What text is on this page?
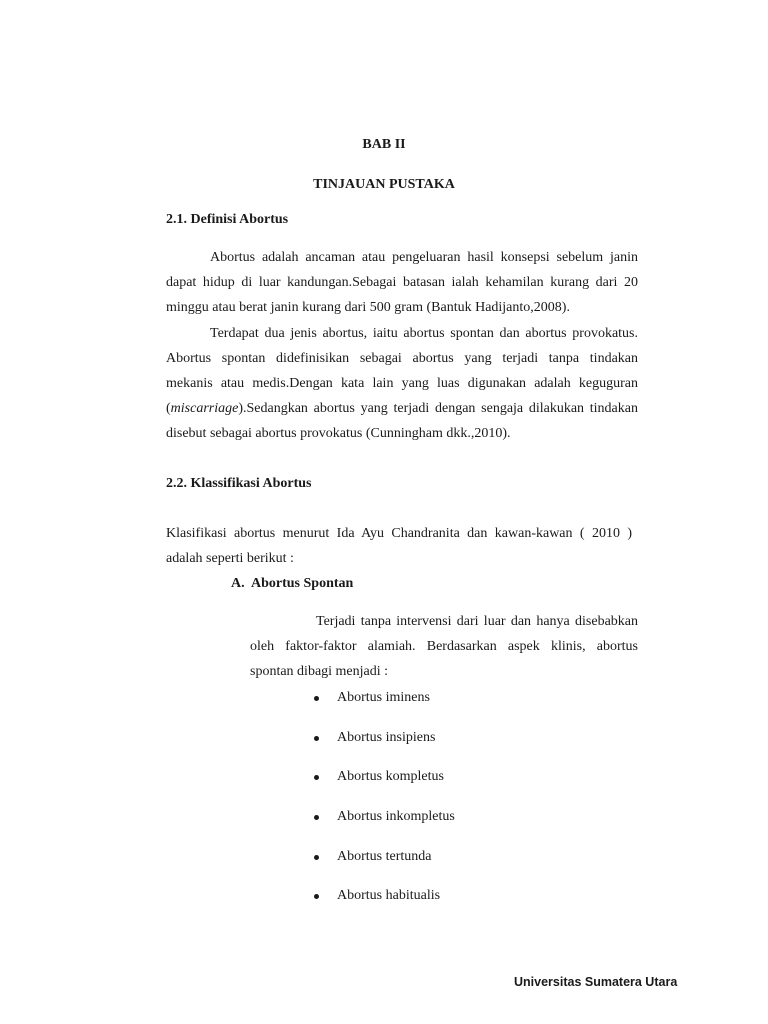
BAB II
TINJAUAN PUSTAKA
2.1. Definisi Abortus
Abortus adalah ancaman atau pengeluaran hasil konsepsi sebelum janin
dapat hidup di luar kandungan.Sebagai batasan ialah kehamilan kurang dari 20
minggu atau berat janin kurang dari 500 gram (Bantuk Hadijanto,2008).
Terdapat dua jenis abortus, iaitu abortus spontan dan abortus provokatus.
Abortus spontan didefinisikan sebagai abortus yang terjadi tanpa tindakan
mekanis atau medis.Dengan kata lain yang luas digunakan adalah keguguran
( miscarriage ).Sedangkan abortus yang terjadi dengan sengaja dilakukan tindakan
disebut sebagai abortus provokatus (Cunningham dkk.,2010).
2.2. Klassifikasi Abortus
Klasifikasi abortus menurut Ida Ayu Chandranita dan kawan-kawan ( 2010 )
adalah seperti berikut :
A. Abortus Spontan
Terjadi tanpa intervensi dari luar dan hanya disebabkan
oleh faktor-faktor alamiah. Berdasarkan aspek klinis, abortus
spontan dibagi menjadi :
Abortus iminens
Abortus insipiens
Abortus kompletus
Abortus inkompletus
Abortus tertunda
Abortus habitualis
Universitas Sumatera Utara
